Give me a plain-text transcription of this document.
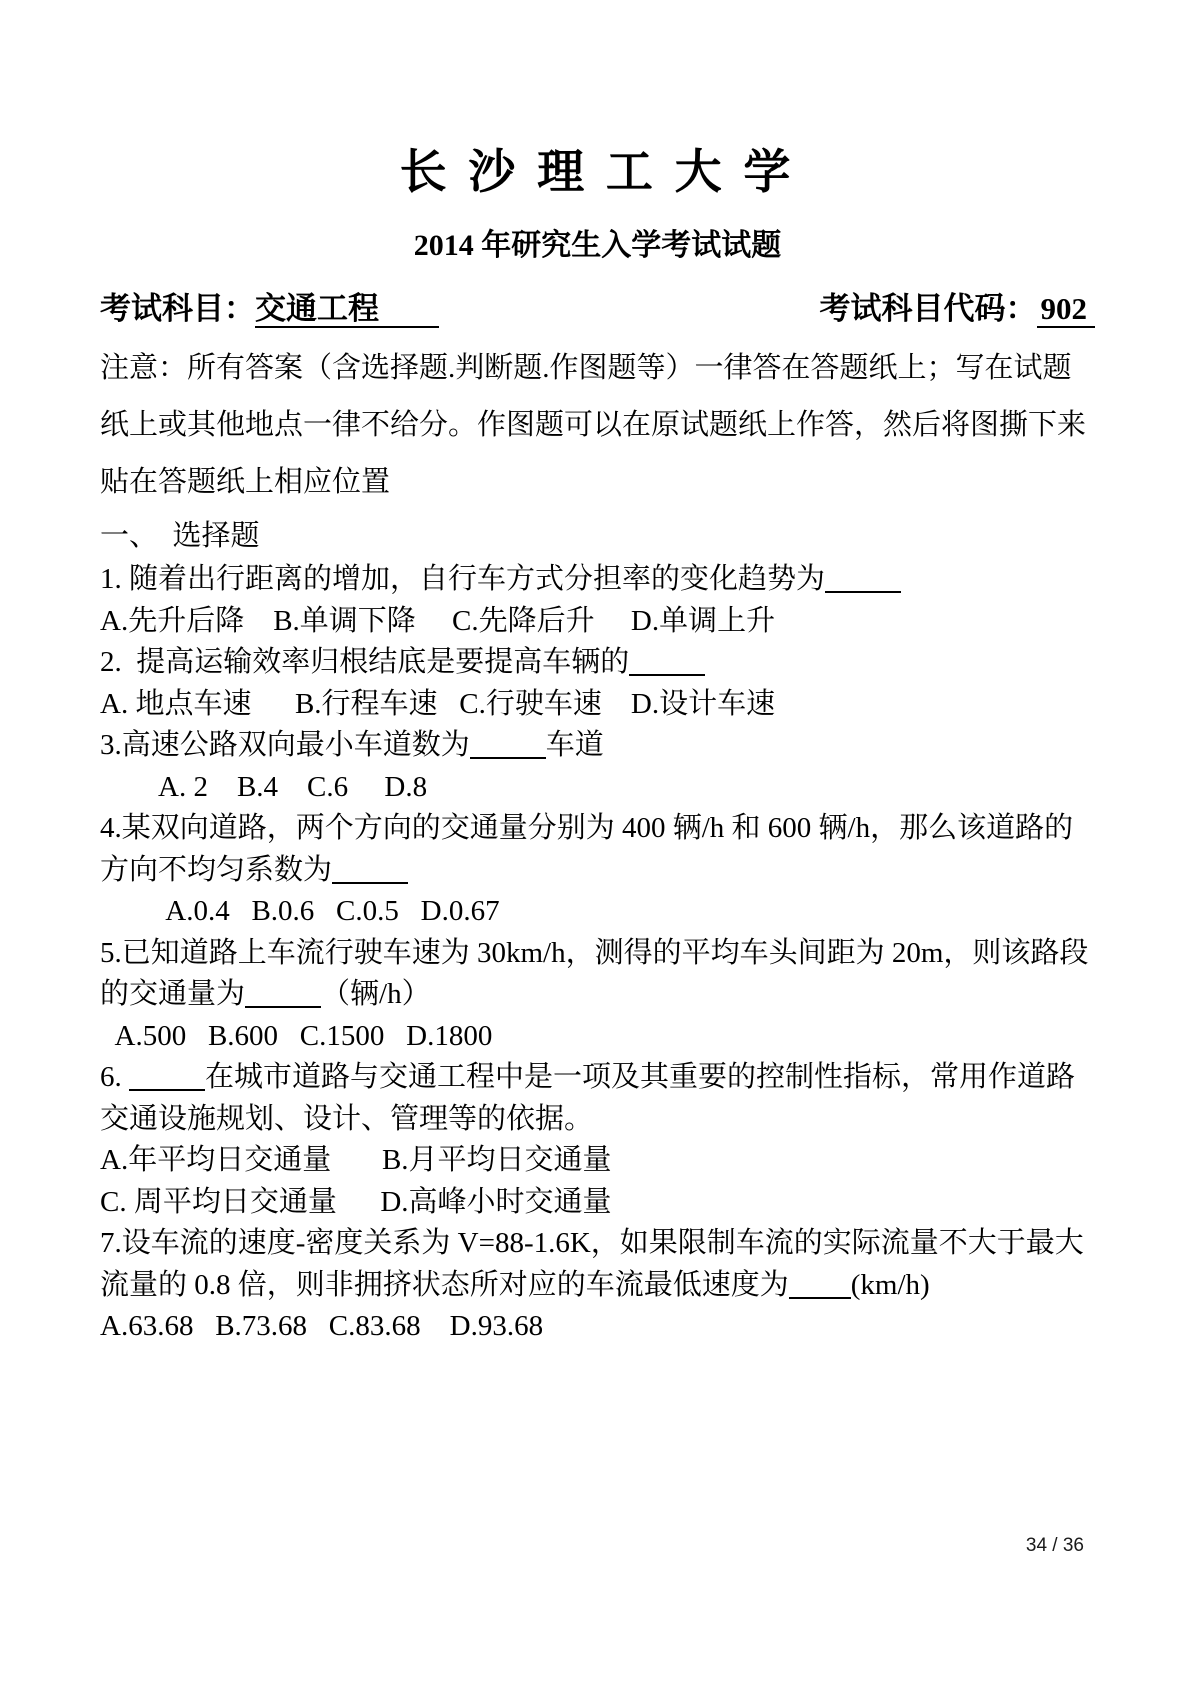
长 沙 理 工 大 学
2014 年研究生入学考试试题
考试科目：交通工程	考试科目代码： 902
注意：所有答案（含选择题.判断题.作图题等）一律答在答题纸上；写在试题
纸上或其他地点一律不给分。作图题可以在原试题纸上作答，然后将图撕下来
贴在答题纸上相应位置
一、　选择题
1. 随着出行距离的增加，自行车方式分担率的变化趋势为
A.先升后降    B.单调下降     C.先降后升     D.单调上升
2.  提高运输效率归根结底是要提高车辆的
A. 地点车速      B.行程车速   C.行驶车速    D.设计车速
3.高速公路双向最小车道数为	车道
A. 2    B.4    C.6     D.8
4.某双向道路，两个方向的交通量分别为 400 辆/h 和 600 辆/h，那么该道路的
方向不均匀系数为
A.0.4   B.0.6   C.0.5   D.0.67
5.已知道路上车流行驶车速为 30km/h，测得的平均车头间距为 20m，则该路段
的交通量为	（辆/h）
A.500   B.600   C.1500   D.1800
6.	在城市道路与交通工程中是一项及其重要的控制性指标，常用作道路
交通设施规划、设计、管理等的依据。
A.年平均日交通量       B.月平均日交通量
C. 周平均日交通量      D.高峰小时交通量
7.设车流的速度-密度关系为 V=88-1.6K，如果限制车流的实际流量不大于最大
流量的 0.8 倍，则非拥挤状态所对应的车流最低速度为 (km/h)
A.63.68   B.73.68   C.83.68    D.93.68
34 / 36
